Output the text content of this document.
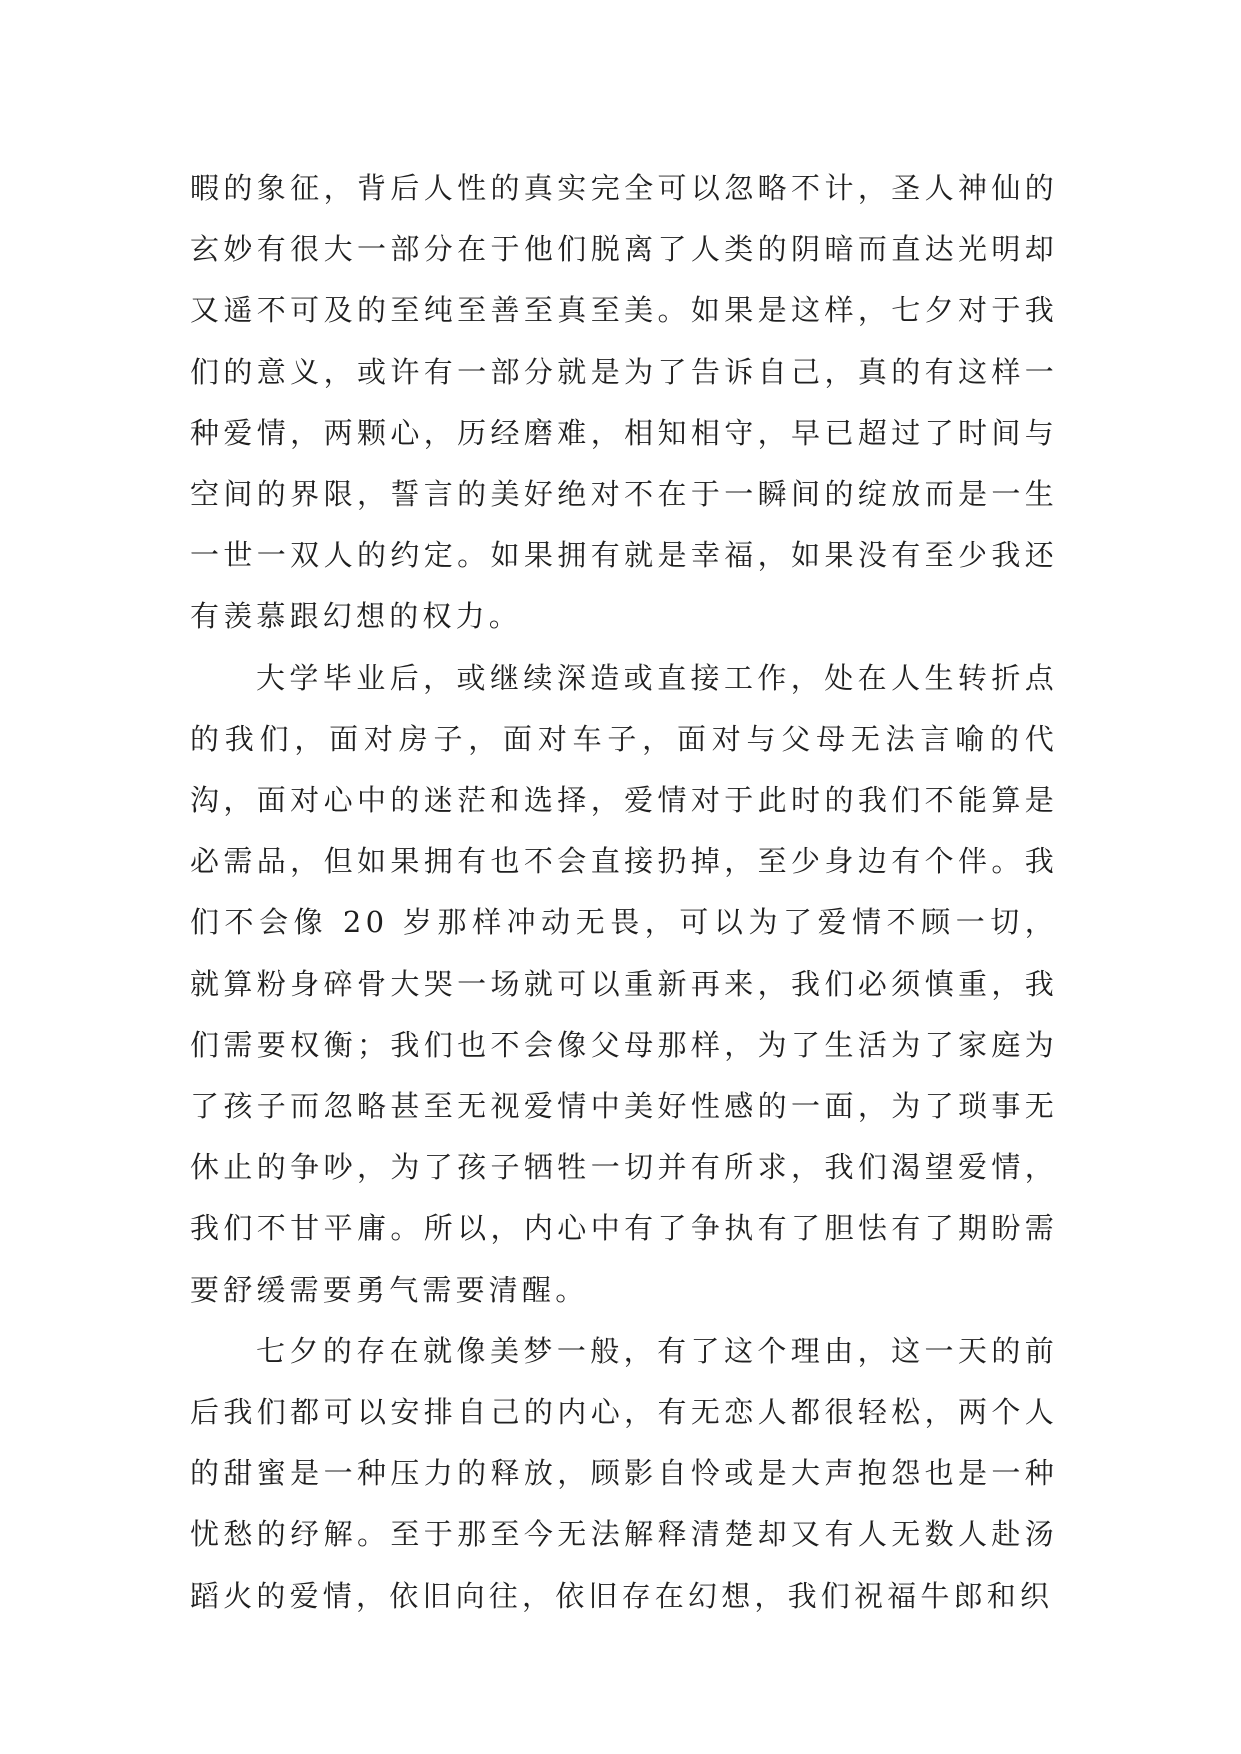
暇的象征，背后人性的真实完全可以忽略不计，圣人神仙的玄妙有很大一部分在于他们脱离了人类的阴暗而直达光明却又遥不可及的至纯至善至真至美。如果是这样，七夕对于我们的意义，或许有一部分就是为了告诉自己，真的有这样一种爱情，两颗心，历经磨难，相知相守，早已超过了时间与空间的界限，誓言的美好绝对不在于一瞬间的绽放而是一生一世一双人的约定。如果拥有就是幸福，如果没有至少我还有羡慕跟幻想的权力。

大学毕业后，或继续深造或直接工作，处在人生转折点的我们，面对房子，面对车子，面对与父母无法言喻的代沟，面对心中的迷茫和选择，爱情对于此时的我们不能算是必需品，但如果拥有也不会直接扔掉，至少身边有个伴。我们不会像 20 岁那样冲动无畏，可以为了爱情不顾一切，就算粉身碎骨大哭一场就可以重新再来，我们必须慎重，我们需要权衡；我们也不会像父母那样，为了生活为了家庭为了孩子而忽略甚至无视爱情中美好性感的一面，为了琐事无休止的争吵，为了孩子牺牲一切并有所求，我们渴望爱情，我们不甘平庸。所以，内心中有了争执有了胆怯有了期盼需要舒缓需要勇气需要清醒。

七夕的存在就像美梦一般，有了这个理由，这一天的前后我们都可以安排自己的内心，有无恋人都很轻松，两个人的甜蜜是一种压力的释放，顾影自怜或是大声抱怨也是一种忧愁的纾解。至于那至今无法解释清楚却又有人无数人赴汤蹈火的爱情，依旧向往，依旧存在幻想，我们祝福牛郎和织
